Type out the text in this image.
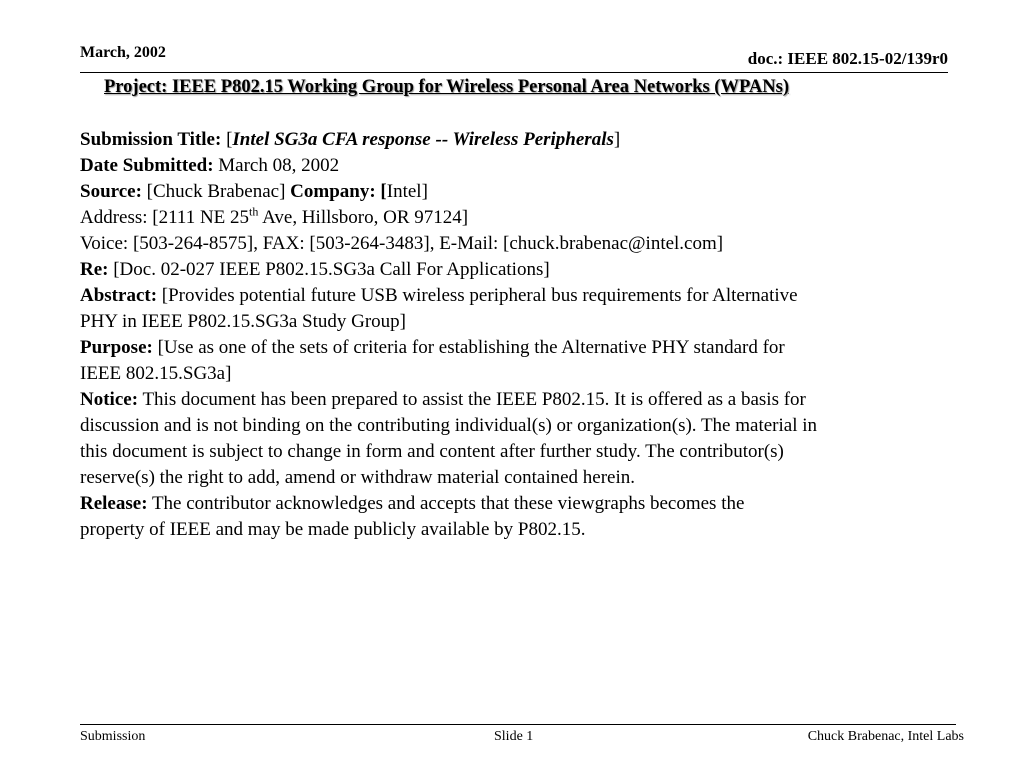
March, 2002	doc.: IEEE 802.15-02/139r0
Project: IEEE P802.15 Working Group for Wireless Personal Area Networks (WPANs)

Submission Title: [Intel SG3a CFA response -- Wireless Peripherals]

Date Submitted: March 08, 2002

Source: [Chuck Brabenac] Company: [Intel]

Address: [2111 NE 25th Ave, Hillsboro, OR 97124]

Voice: [503-264-8575], FAX: [503-264-3483], E-Mail: [chuck.brabenac@intel.com]

Re: [Doc. 02-027 IEEE P802.15.SG3a Call For Applications]

Abstract: [Provides potential future USB wireless peripheral bus requirements for Alternative
PHY in IEEE P802.15.SG3a Study Group]

Purpose: [Use as one of the sets of criteria for establishing the Alternative PHY standard for
IEEE 802.15.SG3a]

Notice: This document has been prepared to assist the IEEE P802.15. It is offered as a basis for
discussion and is not binding on the contributing individual(s) or organization(s). The material in
this document is subject to change in form and content after further study. The contributor(s)
reserve(s) the right to add, amend or withdraw material contained herein.

Release: The contributor acknowledges and accepts that these viewgraphs becomes the
property of IEEE and may be made publicly available by P802.15.

Submission	Slide 1	Chuck Brabenac, Intel Labs
